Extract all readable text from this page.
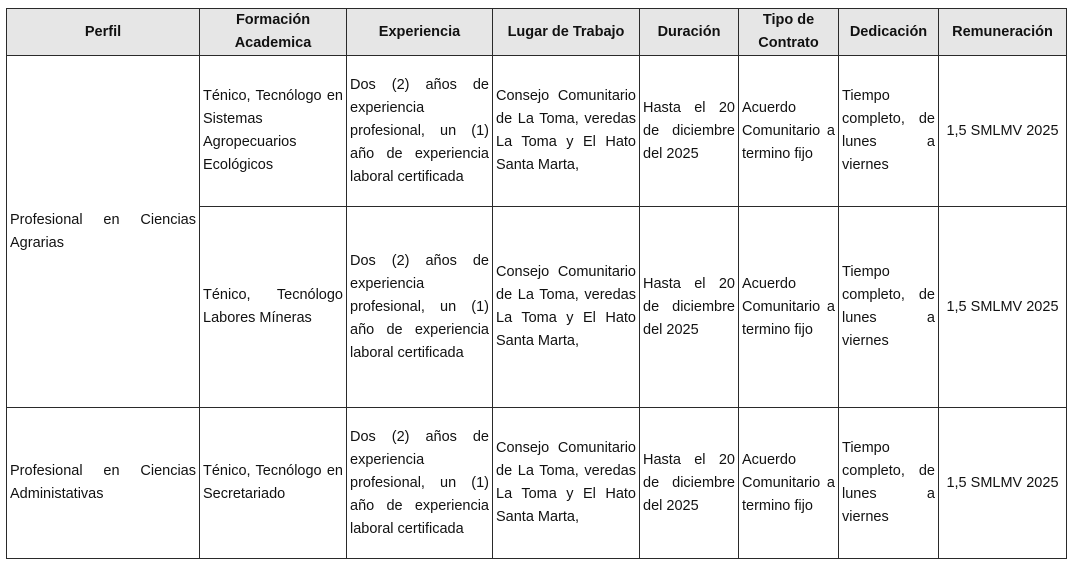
Perfil	Formación Academica	Experiencia	Lugar de Trabajo	Duración	Tipo de Contrato	Dedicación	Remuneración
Profesional en Ciencias Agrarias	Ténico, Tecnólogo en Sistemas Agropecuarios Ecológicos	Dos (2) años de experiencia profesional, un (1) año de experiencia laboral certificada	Consejo Comunitario de La Toma, veredas La Toma y El Hato Santa Marta,	Hasta el 20 de diciembre del 2025	Acuerdo Comunitario a termino fijo	Tiempo completo, de lunes a viernes	1,5 SMLMV 2025
	Ténico, Tecnólogo Labores Míneras	Dos (2) años de experiencia profesional, un (1) año de experiencia laboral certificada	Consejo Comunitario de La Toma, veredas La Toma y El Hato Santa Marta,	Hasta el 20 de diciembre del 2025	Acuerdo Comunitario a termino fijo	Tiempo completo, de lunes a viernes	1,5 SMLMV 2025
Profesional en Ciencias Administativas	Ténico, Tecnólogo en Secretariado	Dos (2) años de experiencia profesional, un (1) año de experiencia laboral certificada	Consejo Comunitario de La Toma, veredas La Toma y El Hato Santa Marta,	Hasta el 20 de diciembre del 2025	Acuerdo Comunitario a termino fijo	Tiempo completo, de lunes a viernes	1,5 SMLMV 2025
